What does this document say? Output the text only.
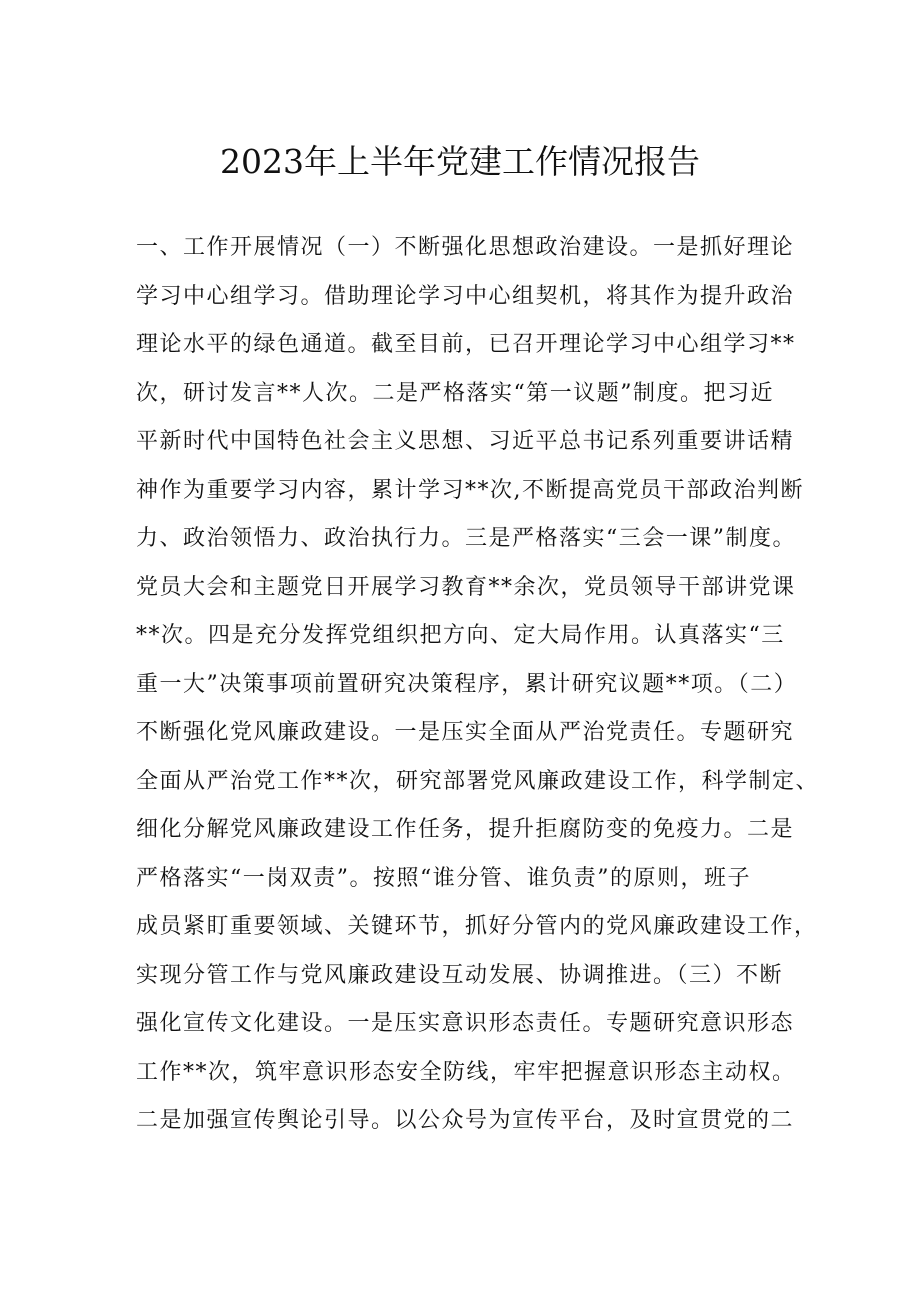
2023年上半年党建工作情况报告
一、工作开展情况（一）不断强化思想政治建设。一是抓好理论
学习中心组学习。借助理论学习中心组契机，将其作为提升政治
理论水平的绿色通道。截至目前，已召开理论学习中心组学习**
次，研讨发言**人次。二是严格落实“第一议题”制度。把习近
平新时代中国特色社会主义思想、习近平总书记系列重要讲话精
神作为重要学习内容，累计学习**次,不断提高党员干部政治判断
力、政治领悟力、政治执行力。三是严格落实“三会一课”制度。
党员大会和主题党日开展学习教育**余次，党员领导干部讲党课
**次。四是充分发挥党组织把方向、定大局作用。认真落实“三
重一大”决策事项前置研究决策程序，累计研究议题**项。（二）
不断强化党风廉政建设。一是压实全面从严治党责任。专题研究
全面从严治党工作**次，研究部署党风廉政建设工作，科学制定、
细化分解党风廉政建设工作任务，提升拒腐防变的免疫力。二是
严格落实“一岗双责”。按照“谁分管、谁负责”的原则，班子
成员紧盯重要领域、关键环节，抓好分管内的党风廉政建设工作，
实现分管工作与党风廉政建设互动发展、协调推进。（三）不断
强化宣传文化建设。一是压实意识形态责任。专题研究意识形态
工作**次，筑牢意识形态安全防线，牢牢把握意识形态主动权。
二是加强宣传舆论引导。以公众号为宣传平台，及时宣贯党的二
